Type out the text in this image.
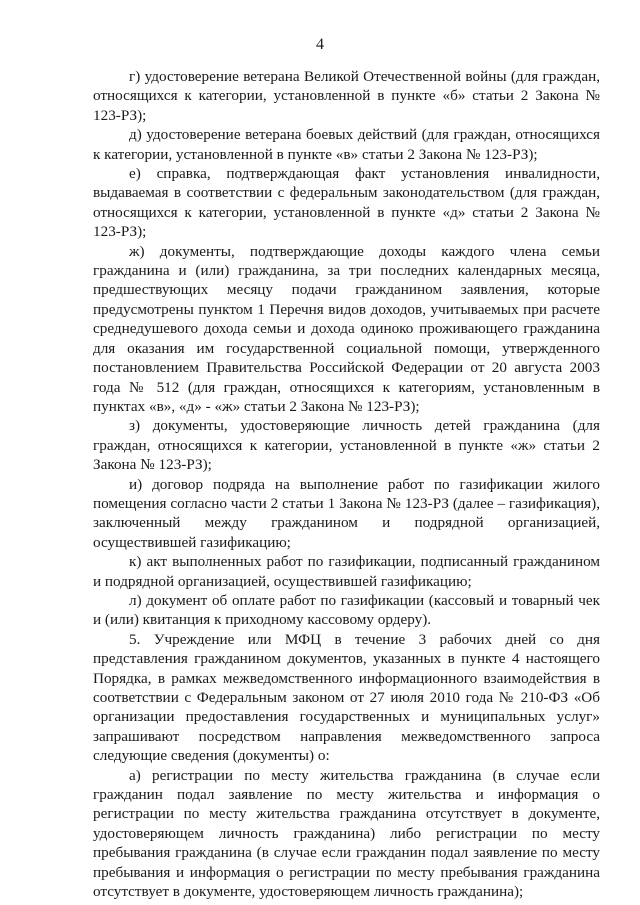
4

г) удостоверение ветерана Великой Отечественной войны (для граждан, относящихся к категории, установленной в пункте «б» статьи 2 Закона № 123-РЗ);

д) удостоверение ветерана боевых действий (для граждан, относящихся к категории, установленной в пункте «в» статьи 2 Закона № 123-РЗ);

е) справка, подтверждающая факт установления инвалидности, выдаваемая в соответствии с федеральным законодательством (для граждан, относящихся к категории, установленной в пункте «д» статьи 2 Закона № 123-РЗ);

ж) документы, подтверждающие доходы каждого члена семьи гражданина и (или) гражданина, за три последних календарных месяца, предшествующих месяцу подачи гражданином заявления, которые предусмотрены пунктом 1 Перечня видов доходов, учитываемых при расчете среднедушевого дохода семьи и дохода одиноко проживающего гражданина для оказания им государственной социальной помощи, утвержденного постановлением Правительства Российской Федерации от 20 августа 2003 года № 512 (для граждан, относящихся к категориям, установленным в пунктах «в», «д» - «ж» статьи 2 Закона № 123-РЗ);

з) документы, удостоверяющие личность детей гражданина (для граждан, относящихся к категории, установленной в пункте «ж» статьи 2 Закона № 123-РЗ);

и) договор подряда на выполнение работ по газификации жилого помещения согласно части 2 статьи 1 Закона № 123-РЗ (далее – газификация), заключенный между гражданином и подрядной организацией, осуществившей газификацию;

к) акт выполненных работ по газификации, подписанный гражданином и подрядной организацией, осуществившей газификацию;

л) документ об оплате работ по газификации (кассовый и товарный чек и (или) квитанция к приходному кассовому ордеру).

5. Учреждение или МФЦ в течение 3 рабочих дней со дня представления гражданином документов, указанных в пункте 4 настоящего Порядка, в рамках межведомственного информационного взаимодействия в соответствии с Федеральным законом от 27 июля 2010 года № 210-ФЗ «Об организации предоставления государственных и муниципальных услуг» запрашивают посредством направления межведомственного запроса следующие сведения (документы) о:

а) регистрации по месту жительства гражданина (в случае если гражданин подал заявление по месту жительства и информация о регистрации по месту жительства гражданина отсутствует в документе, удостоверяющем личность гражданина) либо регистрации по месту пребывания гражданина (в случае если гражданин подал заявление по месту пребывания и информация о регистрации по месту пребывания гражданина отсутствует в документе, удостоверяющем личность гражданина);
